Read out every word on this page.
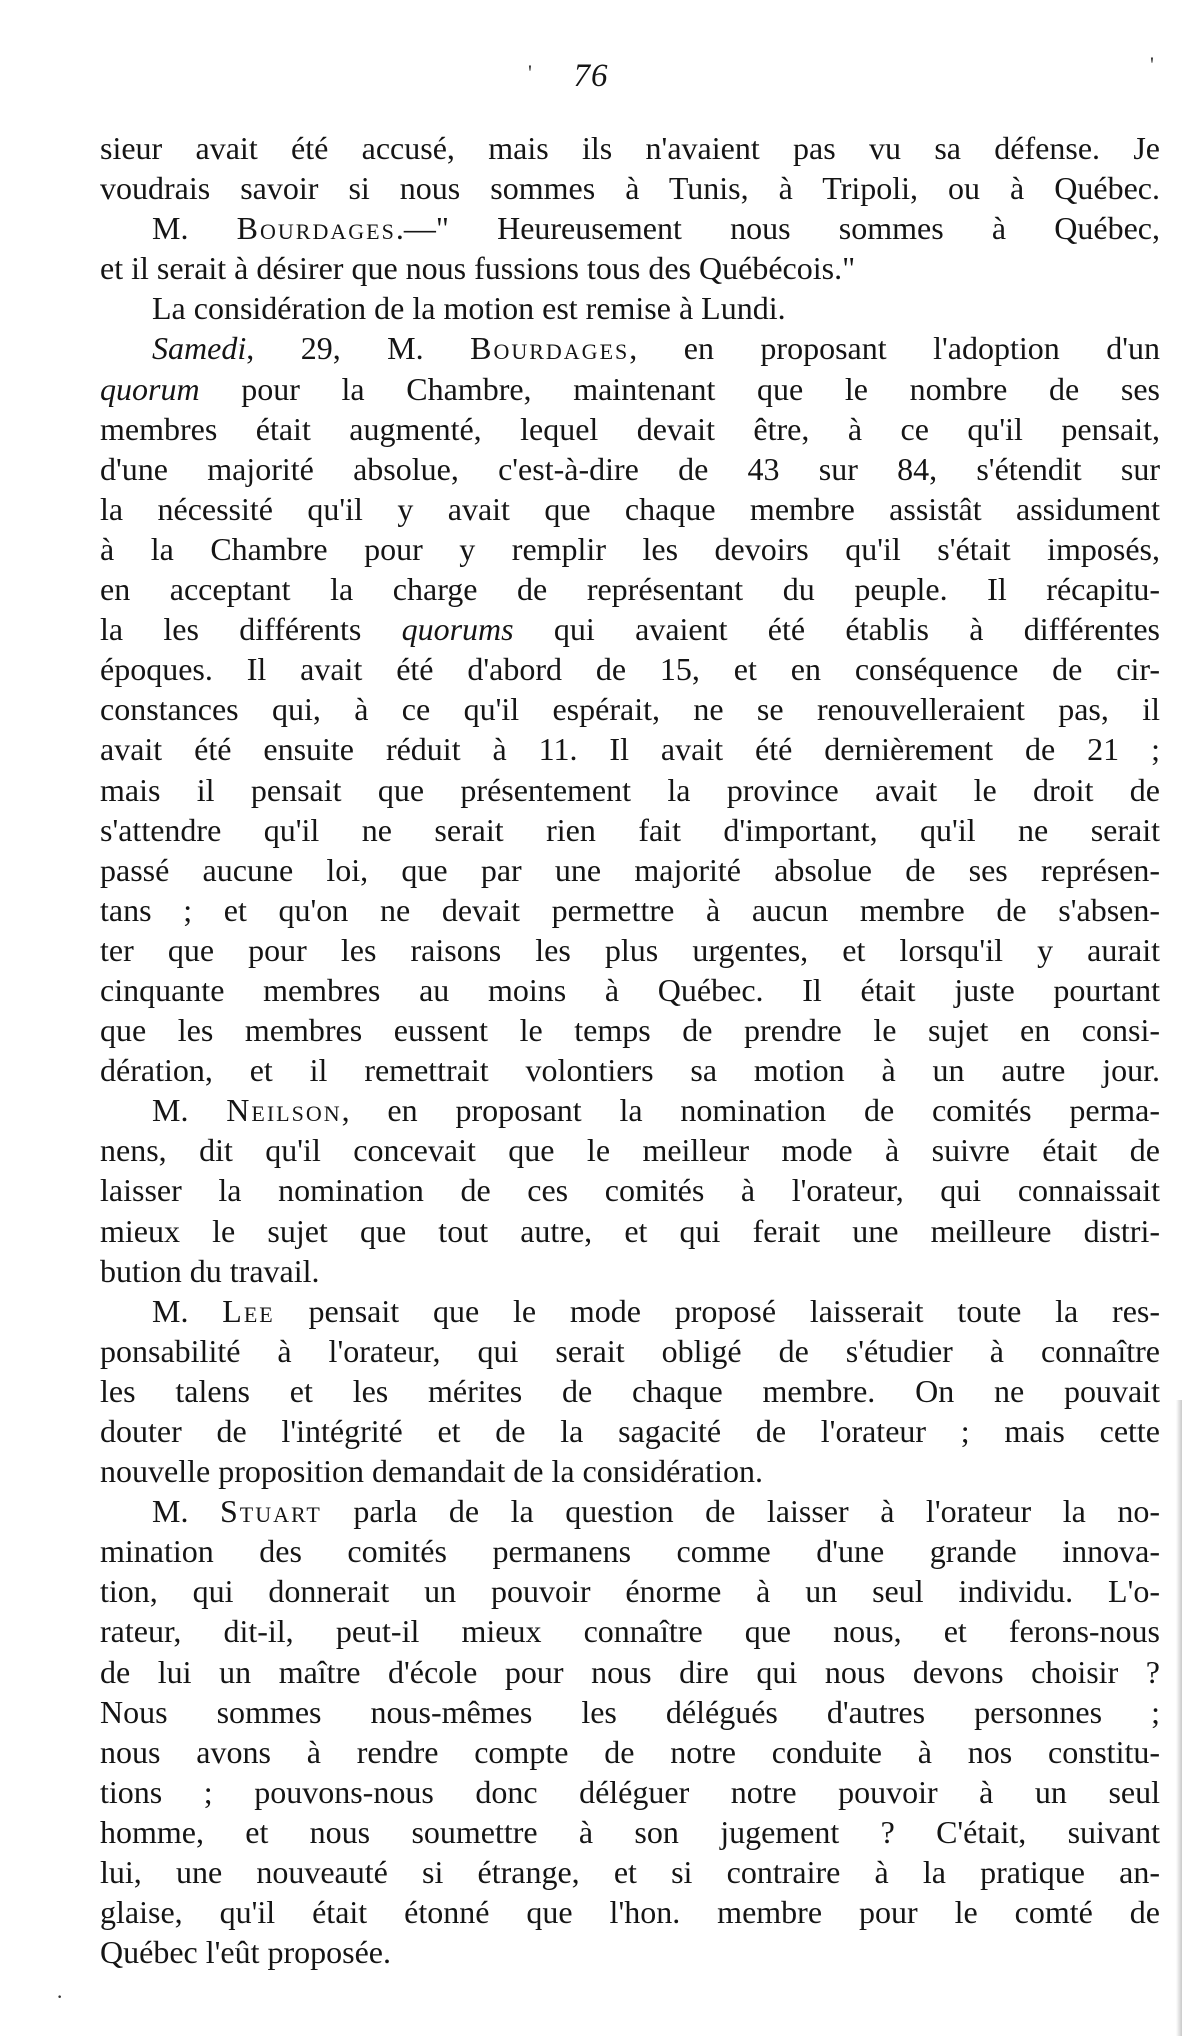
76
'	'
·
sieur avait été accusé, mais ils n'avaient pas vu sa défense. Je
voudrais savoir si nous sommes à Tunis, à Tripoli, ou à Québec.
M. Bourdages.—" Heureusement nous sommes à Québec,
et il serait à désirer que nous fussions tous des Québécois."
La considération de la motion est remise à Lundi.
Samedi, 29, M. Bourdages, en proposant l'adoption d'un
quorum pour la Chambre, maintenant que le nombre de ses
membres était augmenté, lequel devait être, à ce qu'il pensait,
d'une majorité absolue, c'est-à-dire de 43 sur 84, s'étendit sur
la nécessité qu'il y avait que chaque membre assistât assidument
à la Chambre pour y remplir les devoirs qu'il s'était imposés,
en acceptant la charge de représentant du peuple. Il récapitu-
la les différents quorums qui avaient été établis à différentes
époques. Il avait été d'abord de 15, et en conséquence de cir-
constances qui, à ce qu'il espérait, ne se renouvelleraient pas, il
avait été ensuite réduit à 11. Il avait été dernièrement de 21 ;
mais il pensait que présentement la province avait le droit de
s'attendre qu'il ne serait rien fait d'important, qu'il ne serait
passé aucune loi, que par une majorité absolue de ses représen-
tans ; et qu'on ne devait permettre à aucun membre de s'absen-
ter que pour les raisons les plus urgentes, et lorsqu'il y aurait
cinquante membres au moins à Québec. Il était juste pourtant
que les membres eussent le temps de prendre le sujet en consi-
dération, et il remettrait volontiers sa motion à un autre jour.
M. Neilson, en proposant la nomination de comités perma-
nens, dit qu'il concevait que le meilleur mode à suivre était de
laisser la nomination de ces comités à l'orateur, qui connaissait
mieux le sujet que tout autre, et qui ferait une meilleure distri-
bution du travail.
M. Lee pensait que le mode proposé laisserait toute la res-
ponsabilité à l'orateur, qui serait obligé de s'étudier à connaître
les talens et les mérites de chaque membre. On ne pouvait
douter de l'intégrité et de la sagacité de l'orateur ; mais cette
nouvelle proposition demandait de la considération.
M. Stuart parla de la question de laisser à l'orateur la no-
mination des comités permanens comme d'une grande innova-
tion, qui donnerait un pouvoir énorme à un seul individu. L'o-
rateur, dit-il, peut-il mieux connaître que nous, et ferons-nous
de lui un maître d'école pour nous dire qui nous devons choisir ?
Nous sommes nous-mêmes les délégués d'autres personnes ;
nous avons à rendre compte de notre conduite à nos constitu-
tions ; pouvons-nous donc déléguer notre pouvoir à un seul
homme, et nous soumettre à son jugement ? C'était, suivant
lui, une nouveauté si étrange, et si contraire à la pratique an-
glaise, qu'il était étonné que l'hon. membre pour le comté de
Québec l'eût proposée.
